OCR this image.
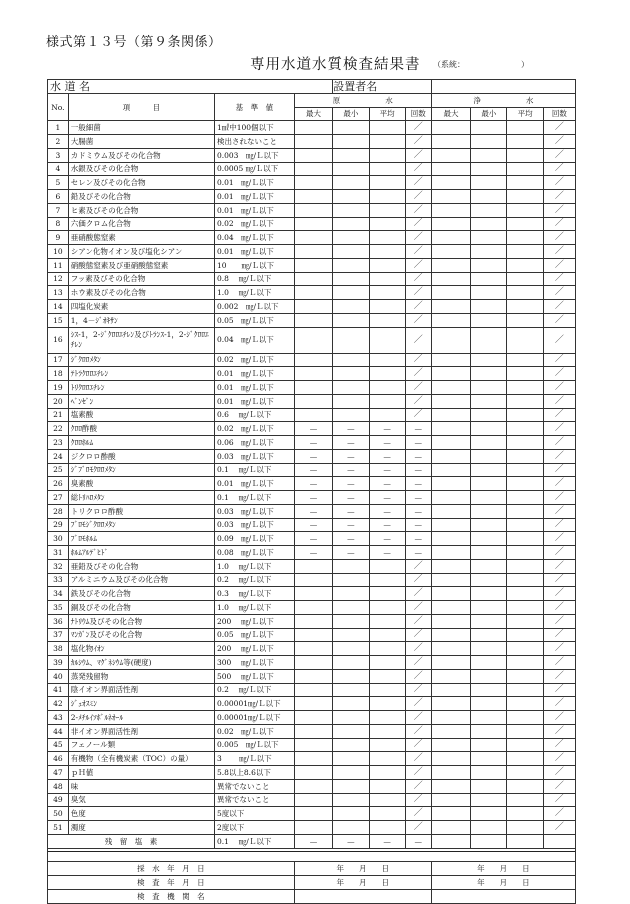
様式第１３号（第９条関係）
専用水道水質検査結果書 （系統：	）
水 道 名				設置者名						
No.	項　　　目	基　準　値	原　　　　　　水				浄　　　　　　水			
			最大	最小	平均	回数	最大	最小	平均	回数
1	一般細菌	1㎖中100個以下				／				／
2	大腸菌	検出されないこと				／				／
3	カドミウム及びその化合物	0.003　㎎/Ｌ以下				／				／
4	水銀及びその化合物	0.0005 ㎎/Ｌ以下				／				／
5	セレン及びその化合物	0.01　㎎/Ｌ以下				／				／
6	鉛及びその化合物	0.01　㎎/Ｌ以下				／				／
7	ヒ素及びその化合物	0.01　㎎/Ｌ以下				／				／
8	六価クロム化合物	0.02　㎎/Ｌ以下				／				／
9	亜硝酸態窒素	0.04　㎎/Ｌ以下				／				／
10	シアン化物イオン及び塩化シアン	0.01　㎎/Ｌ以下				／				／
11	硝酸態窒素及び亜硝酸態窒素	10　　㎎/Ｌ以下				／				／
12	フッ素及びその化合物	0.8　 ㎎/Ｌ以下				／				／
13	ホウ素及びその化合物	1.0　 ㎎/Ｌ以下				／				／
14	四塩化炭素	0.002　㎎/Ｌ以下				／				／
15	1，4－ｼﾞｵｷｻﾝ	0.05　㎎/Ｌ以下				／				／
16	ｼｽ-1，2-ｼﾞｸﾛﾛｴﾁﾚﾝ及びﾄﾗﾝｽ-1，2-ｼﾞｸﾛﾛｴﾁﾚﾝ	0.04　㎎/Ｌ以下				／				／
17	ｼﾞｸﾛﾛﾒﾀﾝ	0.02　㎎/Ｌ以下				／				／
18	ﾃﾄﾗｸﾛﾛｴﾁﾚﾝ	0.01　㎎/Ｌ以下				／				／
19	ﾄﾘｸﾛﾛｴﾁﾚﾝ	0.01　㎎/Ｌ以下				／				／
20	ﾍﾞﾝｾﾞﾝ	0.01　㎎/Ｌ以下				／				／
21	塩素酸	0.6　 ㎎/Ｌ以下				／				／
22	ｸﾛﾛ酢酸	0.02　㎎/Ｌ以下	—	—	—	—				／
23	ｸﾛﾛﾎﾙﾑ	0.06　㎎/Ｌ以下	—	—	—	—				／
24	ジクロロ酢酸	0.03　㎎/Ｌ以下	—	—	—	—				／
25	ｼﾞﾌﾞﾛﾓｸﾛﾛﾒﾀﾝ	0.1　 ㎎/Ｌ以下	—	—	—	—				／
26	臭素酸	0.01　㎎/Ｌ以下	—	—	—	—				／
27	総ﾄﾘﾊﾛﾒﾀﾝ	0.1　 ㎎/Ｌ以下	—	—	—	—				／
28	トリクロロ酢酸	0.03　㎎/Ｌ以下	—	—	—	—				／
29	ﾌﾞﾛﾓｼﾞｸﾛﾛﾒﾀﾝ	0.03　㎎/Ｌ以下	—	—	—	—				／
30	ﾌﾞﾛﾓﾎﾙﾑ	0.09　㎎/Ｌ以下	—	—	—	—				／
31	ﾎﾙﾑｱﾙﾃﾞﾋﾄﾞ	0.08　㎎/Ｌ以下	—	—	—	—				／
32	亜鉛及びその化合物	1.0　 ㎎/Ｌ以下				／				／
33	アルミニウム及びその化合物	0.2　 ㎎/Ｌ以下				／				／
34	鉄及びその化合物	0.3　 ㎎/Ｌ以下				／				／
35	銅及びその化合物	1.0　 ㎎/Ｌ以下				／				／
36	ﾅﾄﾘｳﾑ及びその化合物	200　 ㎎/Ｌ以下				／				／
37	ﾏﾝｶﾞﾝ及びその化合物	0.05　㎎/Ｌ以下				／				／
38	塩化物ｲｵﾝ	200　 ㎎/Ｌ以下				／				／
39	ｶﾙｼｳﾑ、ﾏｸﾞﾈｼｳﾑ等(硬度)	300　 ㎎/Ｌ以下				／				／
40	蒸発残留物	500　 ㎎/Ｌ以下				／				／
41	陰イオン界面活性剤	0.2　 ㎎/Ｌ以下				／				／
42	ｼﾞｪｵｽﾐﾝ	0.00001㎎/Ｌ以下				／				／
43	2-ﾒﾁﾙｲｿﾎﾞﾙﾈｵｰﾙ	0.00001㎎/Ｌ以下				／				／
44	非イオン界面活性剤	0.02　㎎/Ｌ以下				／				／
45	フェノール類	0.005　㎎/Ｌ以下				／				／
46	有機物（全有機炭素（TOC）の量）	3　　 ㎎/Ｌ以下				／				／
47	ｐＨ値	5.8以上8.6以下				／				／
48	味	異常でないこと				／				／
49	臭気	異常でないこと				／				／
50	色度	5度以下				／				／
51	濁度	2度以下				／				／
残　留　塩　素		0.1　 ㎎/Ｌ以下	—	—	—	—				

採　水　年　月　日			年　　月　　日				年　　月　　日			
検　査　年　月　日			年　　月　　日				年　　月　　日			
検　査　機　関　名										
